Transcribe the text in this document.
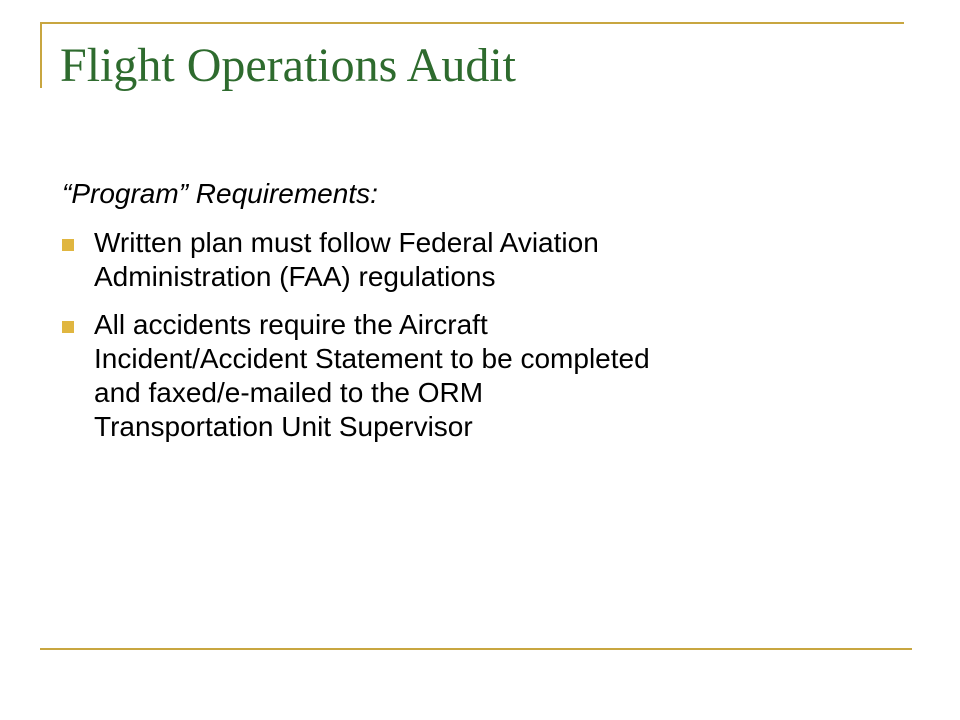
Flight Operations Audit
“Program” Requirements:
Written plan must follow Federal Aviation
Administration (FAA) regulations
All accidents require the Aircraft
Incident/Accident Statement to be completed
and faxed/e-mailed to the ORM
Transportation Unit Supervisor
